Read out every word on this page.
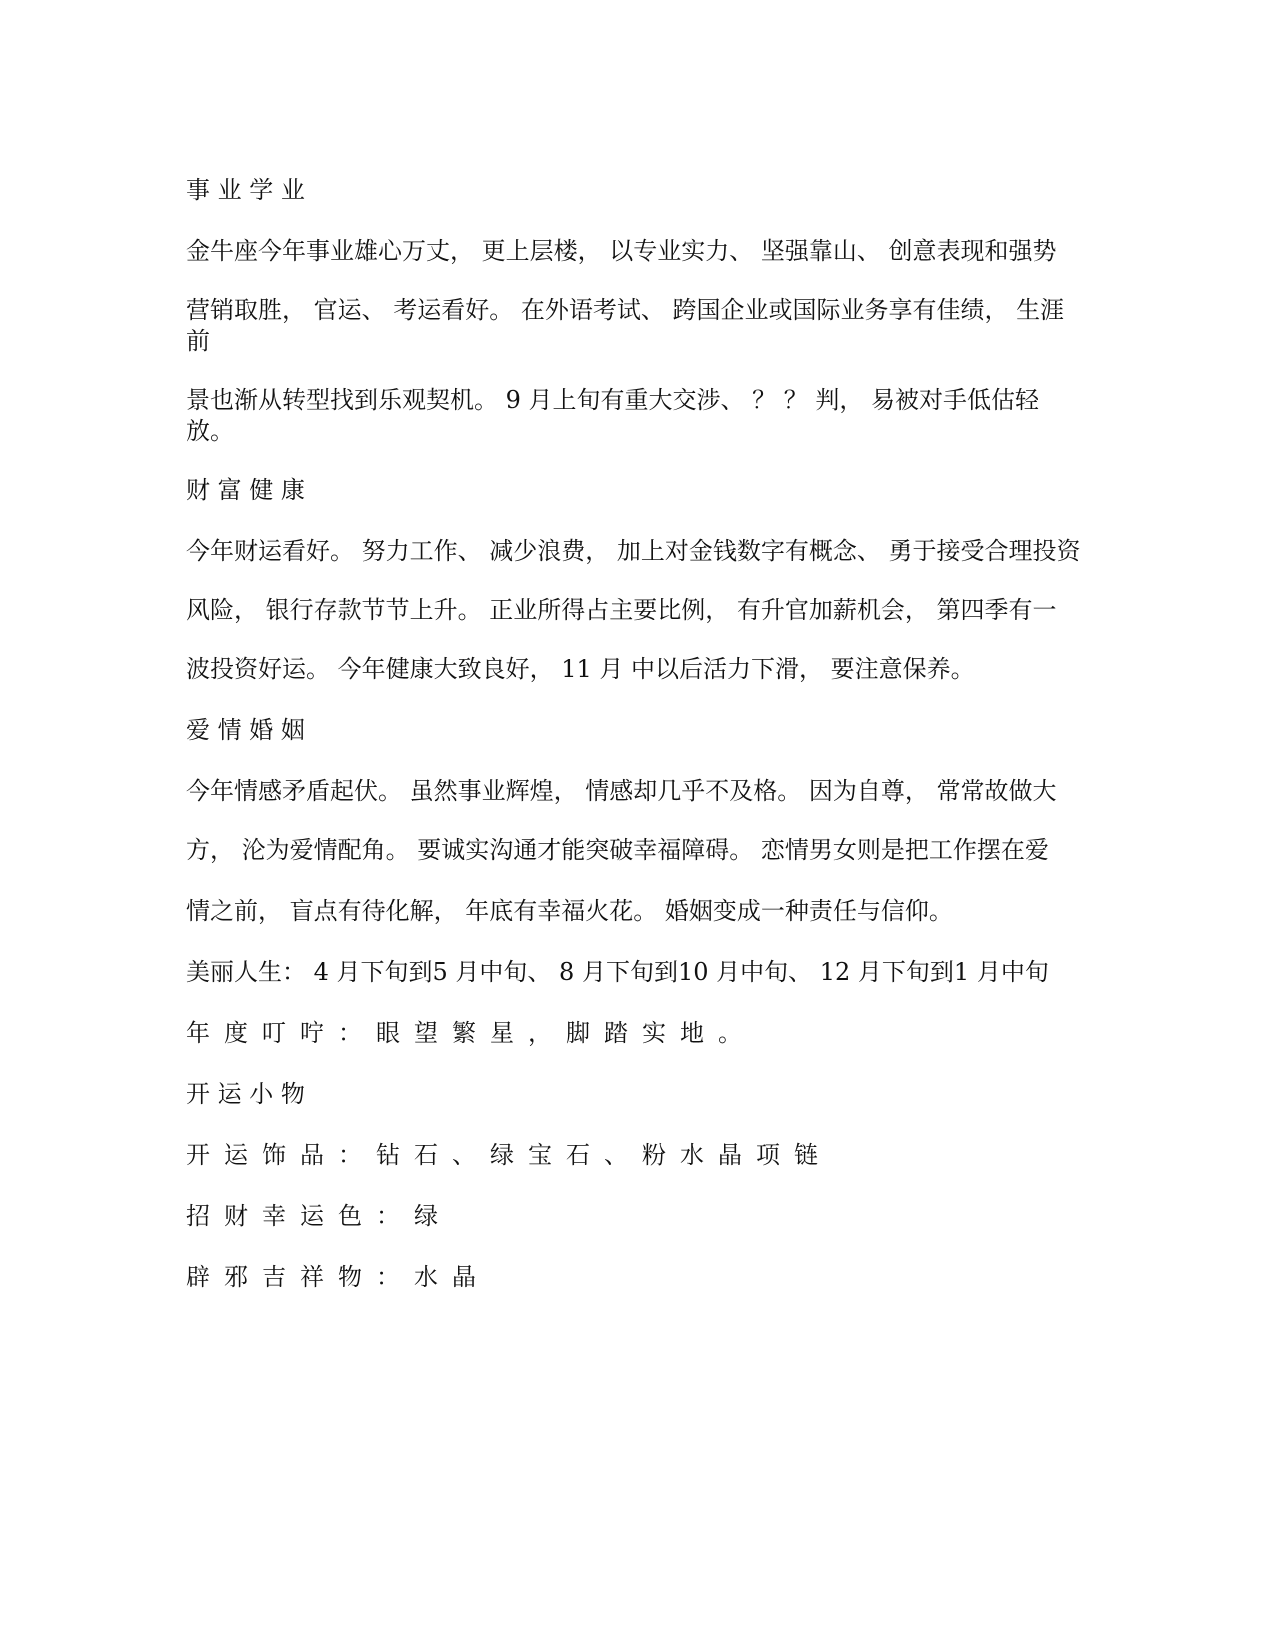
事 业 学 业
金牛座今年事业雄心万丈， 更上层楼， 以专业实力、 坚强靠山、 创意表现和强势
营销取胜， 官运、 考运看好。 在外语考试、 跨国企业或国际业务享有佳绩， 生涯前
景也渐从转型找到乐观契机。 9 月上旬有重大交涉、 ？ ？ 判， 易被对手低估轻放。
财 富 健 康
今年财运看好。 努力工作、 减少浪费， 加上对金钱数字有概念、 勇于接受合理投资
风险， 银行存款节节上升。 正业所得占主要比例， 有升官加薪机会， 第四季有一
波投资好运。 今年健康大致良好， 11 月 中以后活力下滑， 要注意保养。
爱 情 婚 姻
今年情感矛盾起伏。 虽然事业辉煌， 情感却几乎不及格。 因为自尊， 常常故做大
方， 沦为爱情配角。 要诚实沟通才能突破幸福障碍。 恋情男女则是把工作摆在爱
情之前， 盲点有待化解， 年底有幸福火花。 婚姻变成一种责任与信仰。
美丽人生： 4 月下旬到5 月中旬、 8 月下旬到10 月中旬、 12 月下旬到1 月中旬
年度叮咛：眼望繁星，脚踏实地。
开 运 小 物
开运饰品：钻石、绿宝石、粉水晶项链
招财幸运色：绿
辟邪吉祥物：水晶
